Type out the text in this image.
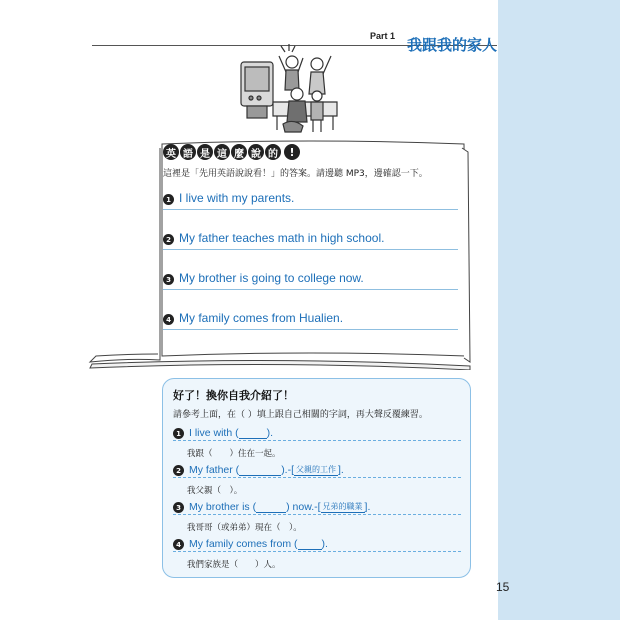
15
Part 1 我跟我的家人
英 語 是 這 麼 說 的	!
這裡是「先用英語說說看！」的答案。請邊聽 MP3，邊確認一下。
1 I live with my parents.
2 My father teaches math in high school.
3 My brother is going to college now.
4 My family comes from Hualien.
好了！換你自我介紹了！
請參考上面，在（ ）填上跟自己相關的字詞，再大聲反覆練習。
1 I live with (	).
我跟（　　）住在一起。
2 My father (	).-[ 父親的工作 ].
我父親（　）。
3 My brother is (	) now.-[ 兄弟的職業 ].
我哥哥（或弟弟）現在（　）。
4 My family comes from ( ).
我們家族是（　　）人。
